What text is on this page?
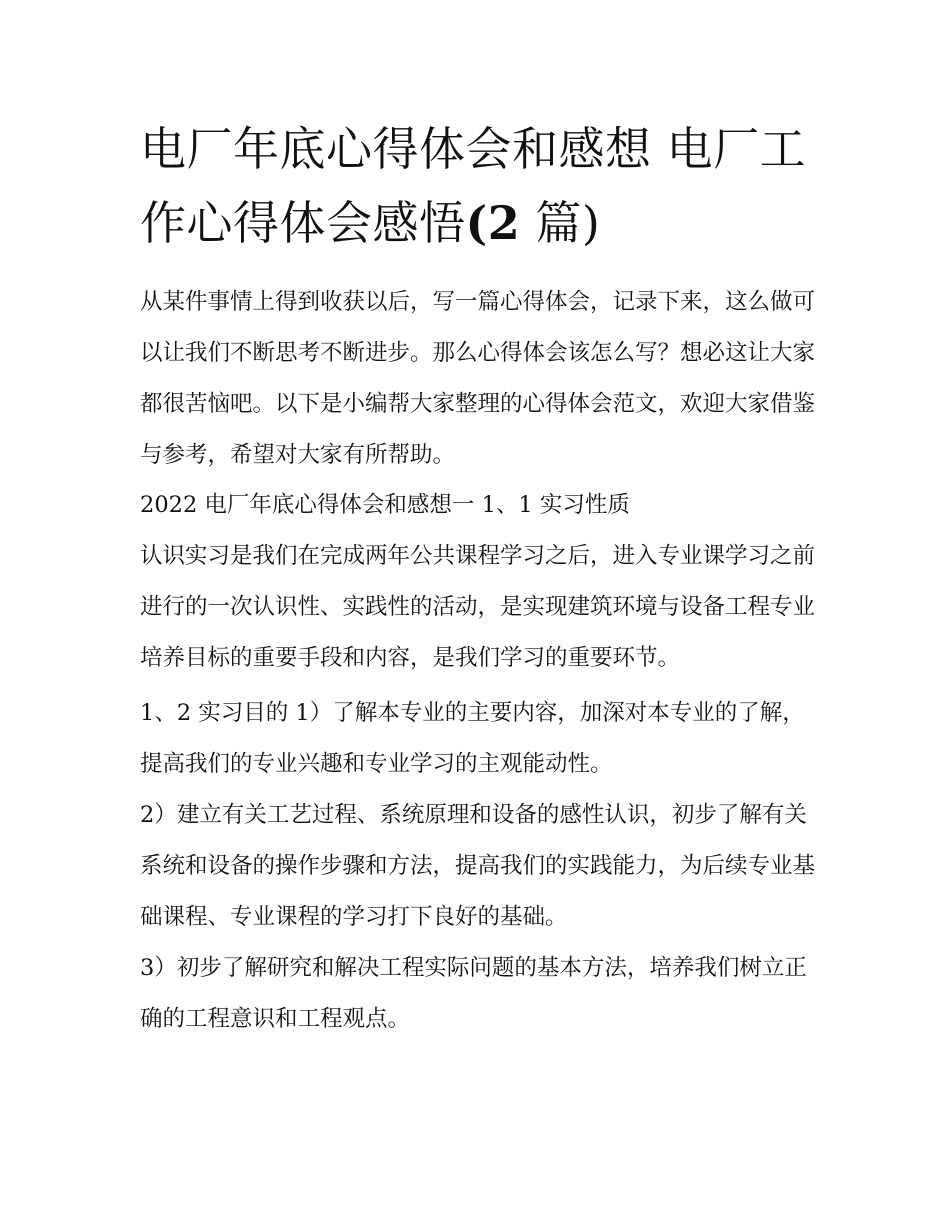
电厂年底心得体会和感想 电厂工作心得体会感悟(2 篇)

从某件事情上得到收获以后，写一篇心得体会，记录下来，这么做可以让我们不断思考不断进步。那么心得体会该怎么写？想必这让大家都很苦恼吧。以下是小编帮大家整理的心得体会范文，欢迎大家借鉴与参考，希望对大家有所帮助。

2022 电厂年底心得体会和感想一 1、1 实习性质

认识实习是我们在完成两年公共课程学习之后，进入专业课学习之前进行的一次认识性、实践性的活动，是实现建筑环境与设备工程专业培养目标的重要手段和内容，是我们学习的重要环节。

1、2 实习目的 1）了解本专业的主要内容，加深对本专业的了解，提高我们的专业兴趣和专业学习的主观能动性。

2）建立有关工艺过程、系统原理和设备的感性认识，初步了解有关系统和设备的操作步骤和方法，提高我们的实践能力，为后续专业基础课程、专业课程的学习打下良好的基础。

3）初步了解研究和解决工程实际问题的基本方法，培养我们树立正确的工程意识和工程观点。
